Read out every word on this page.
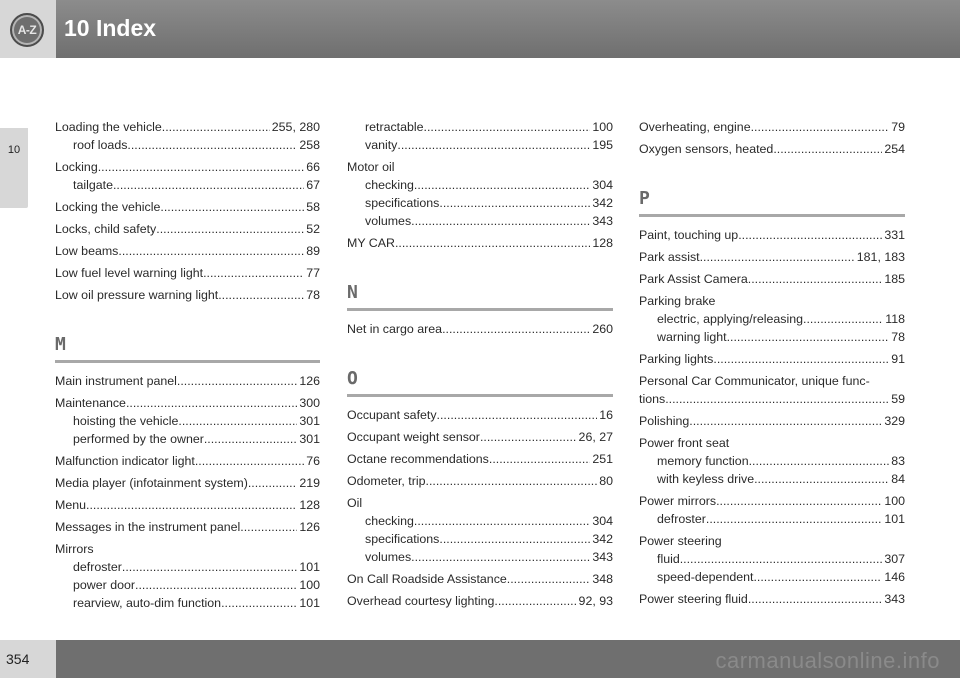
A-Z	10 Index
10
Loading the vehicle .....	255, 280
roof loads .....	258
Locking .....	66
tailgate .....	67
Locking the vehicle .....	58
Locks, child safety .....	52
Low beams .....	89
Low fuel level warning light .....	77
Low oil pressure warning light .....	78
M
Main instrument panel .....	126
Maintenance .....	300
hoisting the vehicle .....	301
performed by the owner .....	301
Malfunction indicator light .....	76
Media player (infotainment system) .....	219
Menu .....	128
Messages in the instrument panel .....	126
Mirrors
defroster .....	101
power door .....	100
rearview, auto-dim function .....	101
retractable .....	100
vanity .....	195
Motor oil
checking .....	304
specifications .....	342
volumes .....	343
MY CAR .....	128
N
Net in cargo area .....	260
O
Occupant safety .....	16
Occupant weight sensor .....	26, 27
Octane recommendations .....	251
Odometer, trip .....	80
Oil
checking .....	304
specifications .....	342
volumes .....	343
On Call Roadside Assistance .....	348
Overhead courtesy lighting .....	92, 93
Overheating, engine .....	79
Oxygen sensors, heated .....	254
P
Paint, touching up .....	331
Park assist .....	181, 183
Park Assist Camera .....	185
Parking brake
electric, applying/releasing .....	118
warning light .....	78
Parking lights .....	91
Personal Car Communicator, unique func-
tions .....	59
Polishing .....	329
Power front seat
memory function .....	83
with keyless drive .....	84
Power mirrors .....	100
defroster .....	101
Power steering
fluid .....	307
speed-dependent .....	146
Power steering fluid .....	343
354	carmanualsonline.info
